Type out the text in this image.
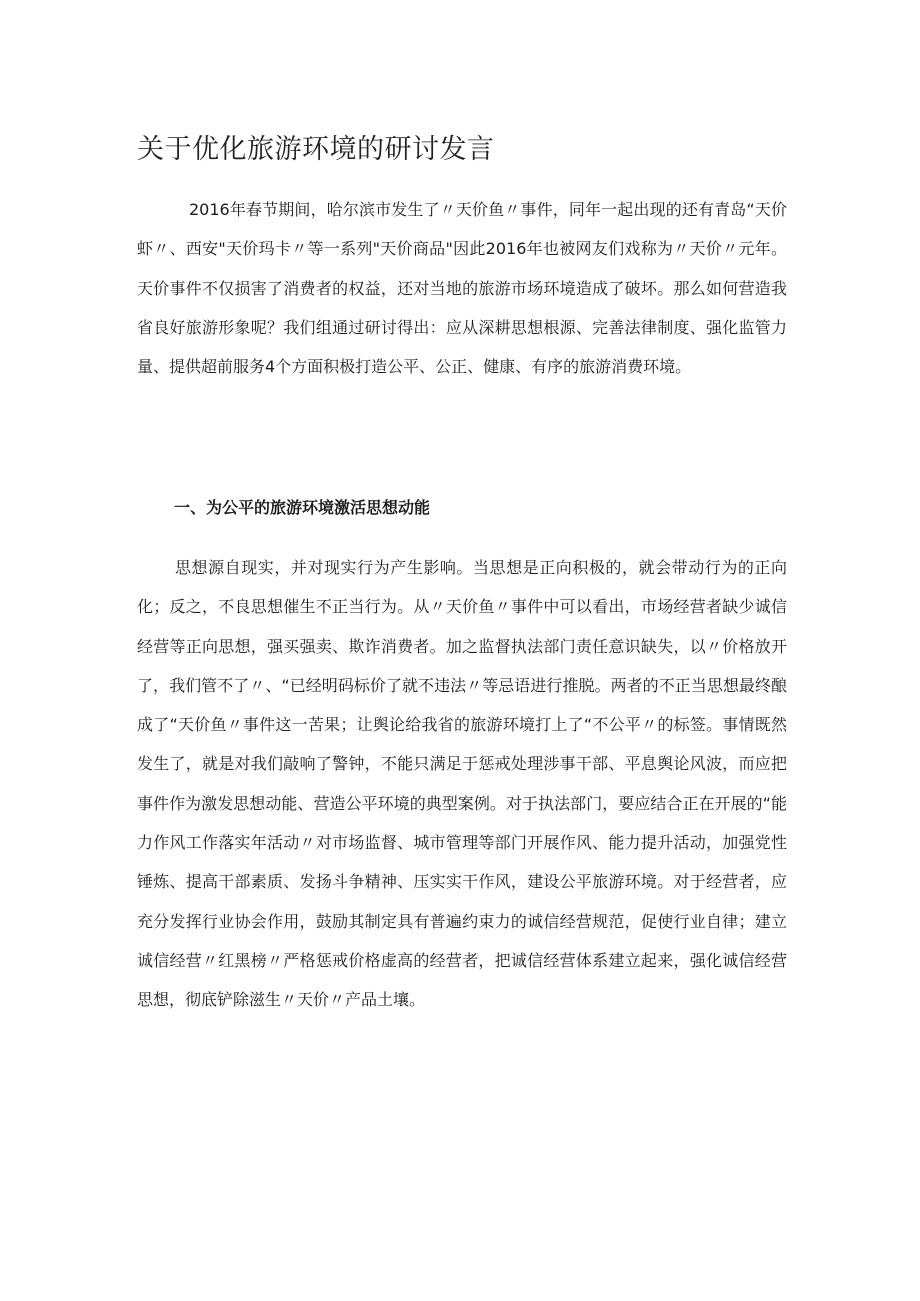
关于优化旅游环境的研讨发言

2016年春节期间，哈尔滨市发生了〃天价鱼〃事件，同年一起出现的还有青岛“天价虾〃、西安"天价玛卡〃等一系列"天价商品"因此2016年也被网友们戏称为〃天价〃元年。天价事件不仅损害了消费者的权益，还对当地的旅游市场环境造成了破坏。那么如何营造我省良好旅游形象呢？我们组通过研讨得出：应从深耕思想根源、完善法律制度、强化监管力量、提供超前服务4个方面积极打造公平、公正、健康、有序的旅游消费环境。

一、为公平的旅游环境激活思想动能

思想源自现实，并对现实行为产生影响。当思想是正向积极的，就会带动行为的正向化；反之，不良思想催生不正当行为。从〃天价鱼〃事件中可以看出，市场经营者缺少诚信经营等正向思想，强买强卖、欺诈消费者。加之监督执法部门责任意识缺失，以〃价格放开了，我们管不了〃、“已经明码标价了就不违法〃等忌语进行推脱。两者的不正当思想最终酿成了“天价鱼〃事件这一苦果；让舆论给我省的旅游环境打上了“不公平〃的标签。事情既然发生了，就是对我们敲响了警钟，不能只满足于惩戒处理涉事干部、平息舆论风波，而应把事件作为激发思想动能、营造公平环境的典型案例。对于执法部门，要应结合正在开展的“能力作风工作落实年活动〃对市场监督、城市管理等部门开展作风、能力提升活动，加强党性锤炼、提高干部素质、发扬斗争精神、压实实干作风，建设公平旅游环境。对于经营者，应充分发挥行业协会作用，鼓励其制定具有普遍约束力的诚信经营规范，促使行业自律；建立诚信经营〃红黑榜〃严格惩戒价格虚高的经营者，把诚信经营体系建立起来，强化诚信经营思想，彻底铲除滋生〃天价〃产品土壤。
